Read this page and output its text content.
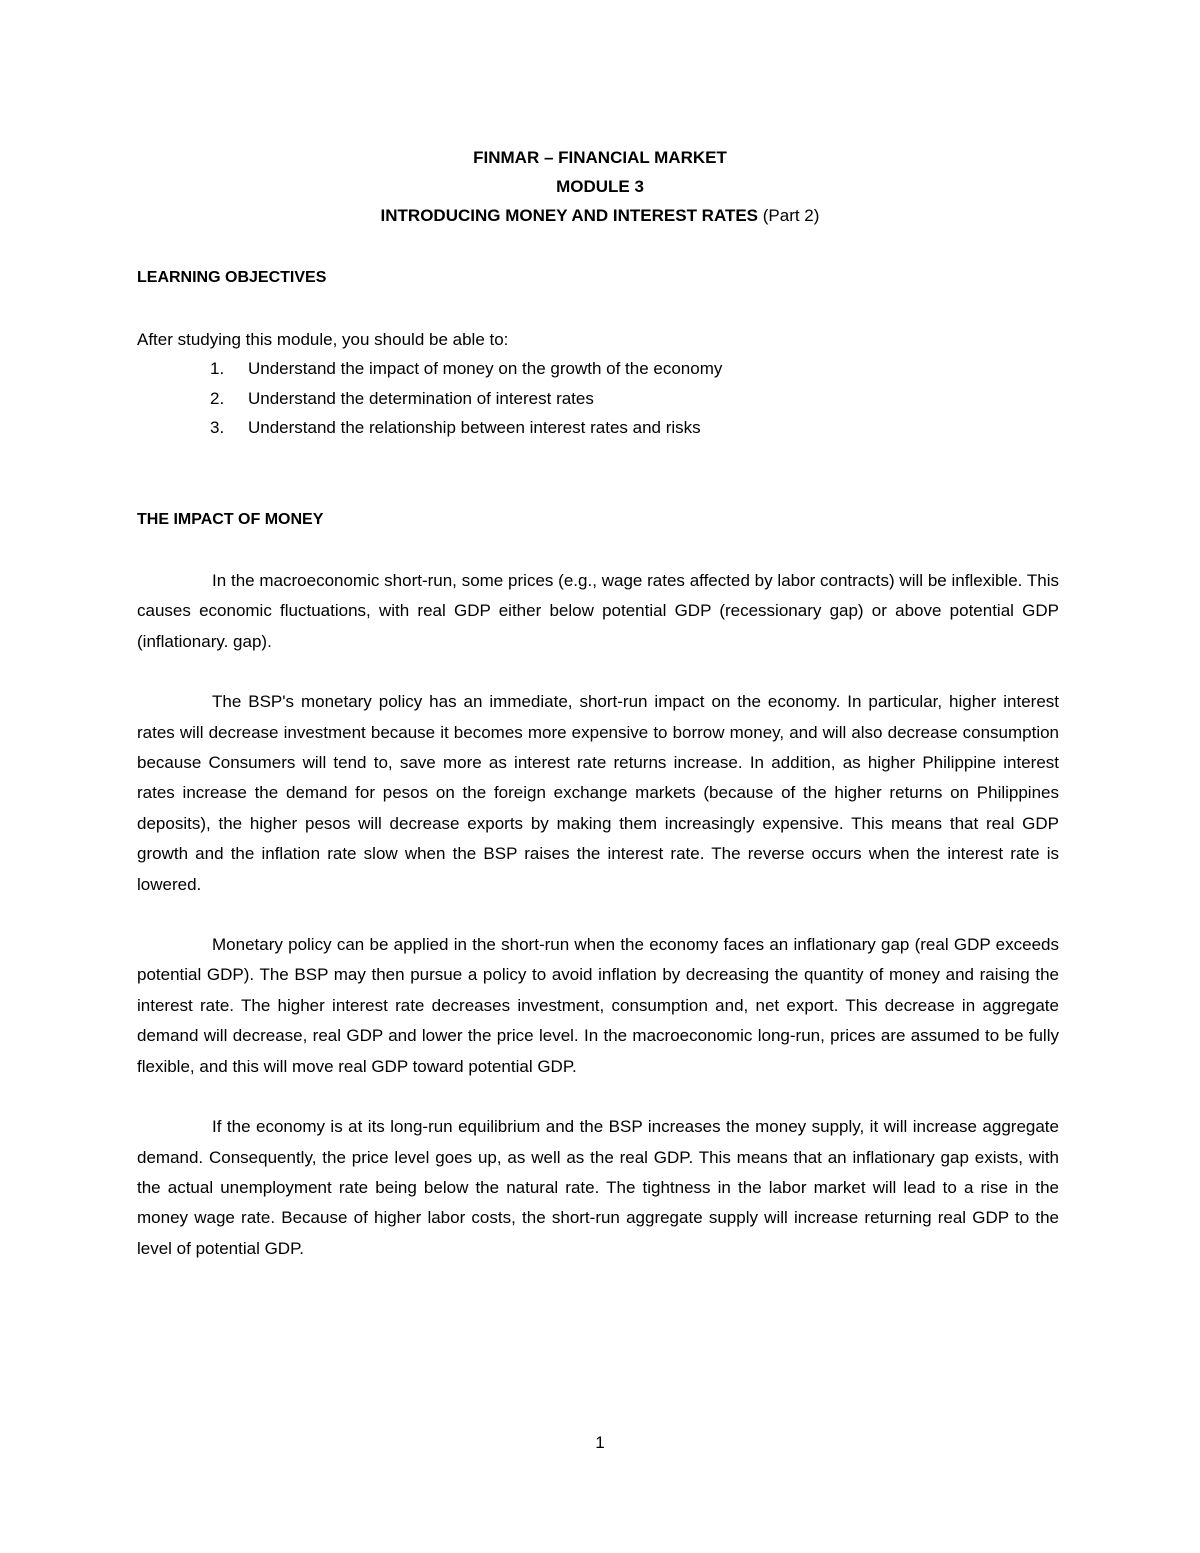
FINMAR – FINANCIAL MARKET
MODULE 3
INTRODUCING MONEY AND INTEREST RATES (Part 2)
LEARNING OBJECTIVES
After studying this module, you should be able to:
1. Understand the impact of money on the growth of the economy
2. Understand the determination of interest rates
3. Understand the relationship between interest rates and risks
THE IMPACT OF MONEY

In the macroeconomic short-run, some prices (e.g., wage rates affected by labor contracts) will be inflexible. This causes economic fluctuations, with real GDP either below potential GDP (recessionary gap) or above potential GDP (inflationary. gap).

The BSP's monetary policy has an immediate, short-run impact on the economy. In particular, higher interest rates will decrease investment because it becomes more expensive to borrow money, and will also decrease consumption because Consumers will tend to, save more as interest rate returns increase. In addition, as higher Philippine interest rates increase the demand for pesos on the foreign exchange markets (because of the higher returns on Philippines deposits), the higher pesos will decrease exports by making them increasingly expensive. This means that real GDP growth and the inflation rate slow when the BSP raises the interest rate. The reverse occurs when the interest rate is lowered.

Monetary policy can be applied in the short-run when the economy faces an inflationary gap (real GDP exceeds potential GDP). The BSP may then pursue a policy to avoid inflation by decreasing the quantity of money and raising the interest rate. The higher interest rate decreases investment, consumption and, net export. This decrease in aggregate demand will decrease, real GDP and lower the price level. In the macroeconomic long-run, prices are assumed to be fully flexible, and this will move real GDP toward potential GDP.

If the economy is at its long-run equilibrium and the BSP increases the money supply, it will increase aggregate demand. Consequently, the price level goes up, as well as the real GDP. This means that an inflationary gap exists, with the actual unemployment rate being below the natural rate. The tightness in the labor market will lead to a rise in the money wage rate. Because of higher labor costs, the short-run aggregate supply will increase returning real GDP to the level of potential GDP.

1
